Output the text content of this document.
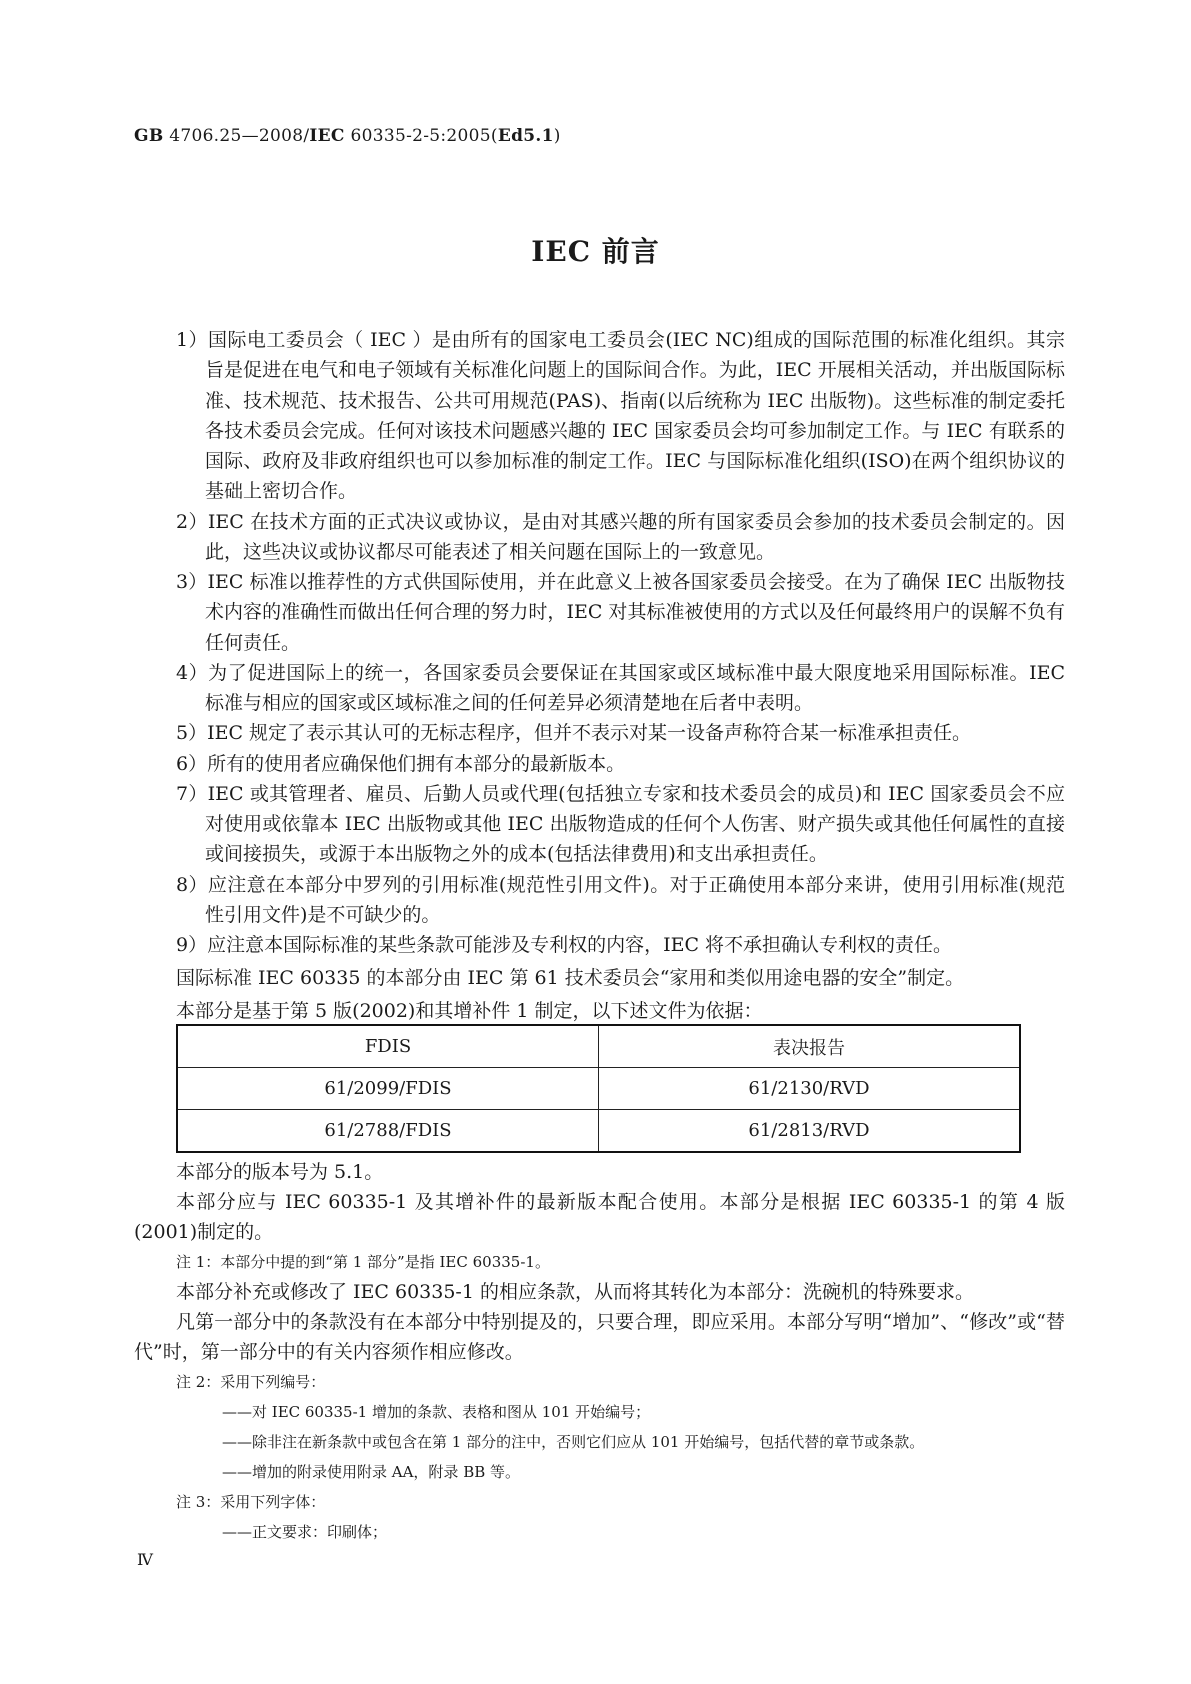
GB 4706.25—2008/IEC 60335-2-5:2005(Ed5.1)
IEC 前言
1）国际电工委员会（ IEC ）是由所有的国家电工委员会(IEC NC)组成的国际范围的标准化组织。其宗旨是促进在电气和电子领域有关标准化问题上的国际间合作。为此，IEC 开展相关活动，并出版国际标准、技术规范、技术报告、公共可用规范(PAS)、指南(以后统称为 IEC 出版物)。这些标准的制定委托各技术委员会完成。任何对该技术问题感兴趣的 IEC 国家委员会均可参加制定工作。与 IEC 有联系的国际、政府及非政府组织也可以参加标准的制定工作。IEC 与国际标准化组织(ISO)在两个组织协议的基础上密切合作。
2）IEC 在技术方面的正式决议或协议，是由对其感兴趣的所有国家委员会参加的技术委员会制定的。因此，这些决议或协议都尽可能表述了相关问题在国际上的一致意见。
3）IEC 标准以推荐性的方式供国际使用，并在此意义上被各国家委员会接受。在为了确保 IEC 出版物技术内容的准确性而做出任何合理的努力时，IEC 对其标准被使用的方式以及任何最终用户的误解不负有任何责任。
4）为了促进国际上的统一，各国家委员会要保证在其国家或区域标准中最大限度地采用国际标准。IEC 标准与相应的国家或区域标准之间的任何差异必须清楚地在后者中表明。
5）IEC 规定了表示其认可的无标志程序，但并不表示对某一设备声称符合某一标准承担责任。
6）所有的使用者应确保他们拥有本部分的最新版本。
7）IEC 或其管理者、雇员、后勤人员或代理(包括独立专家和技术委员会的成员)和 IEC 国家委员会不应对使用或依靠本 IEC 出版物或其他 IEC 出版物造成的任何个人伤害、财产损失或其他任何属性的直接或间接损失，或源于本出版物之外的成本(包括法律费用)和支出承担责任。
8）应注意在本部分中罗列的引用标准(规范性引用文件)。对于正确使用本部分来讲，使用引用标准(规范性引用文件)是不可缺少的。
9）应注意本国际标准的某些条款可能涉及专利权的内容，IEC 将不承担确认专利权的责任。
国际标准 IEC 60335 的本部分由 IEC 第 61 技术委员会“家用和类似用途电器的安全”制定。
本部分是基于第 5 版(2002)和其增补件 1 制定，以下述文件为依据：
FDIS	表决报告
61/2099/FDIS	61/2130/RVD
61/2788/FDIS	61/2813/RVD
本部分的版本号为 5.1。
本部分应与 IEC 60335-1 及其增补件的最新版本配合使用。本部分是根据 IEC 60335-1 的第 4 版(2001)制定的。
注 1：本部分中提的到“第 1 部分”是指 IEC 60335-1。
本部分补充或修改了 IEC 60335-1 的相应条款，从而将其转化为本部分：洗碗机的特殊要求。
凡第一部分中的条款没有在本部分中特别提及的，只要合理，即应采用。本部分写明“增加”、“修改”或“替代”时，第一部分中的有关内容须作相应修改。
注 2：采用下列编号：
——对 IEC 60335-1 增加的条款、表格和图从 101 开始编号；
——除非注在新条款中或包含在第 1 部分的注中，否则它们应从 101 开始编号，包括代替的章节或条款。
——增加的附录使用附录 AA，附录 BB 等。
注 3：采用下列字体：
——正文要求：印刷体；
Ⅳ
